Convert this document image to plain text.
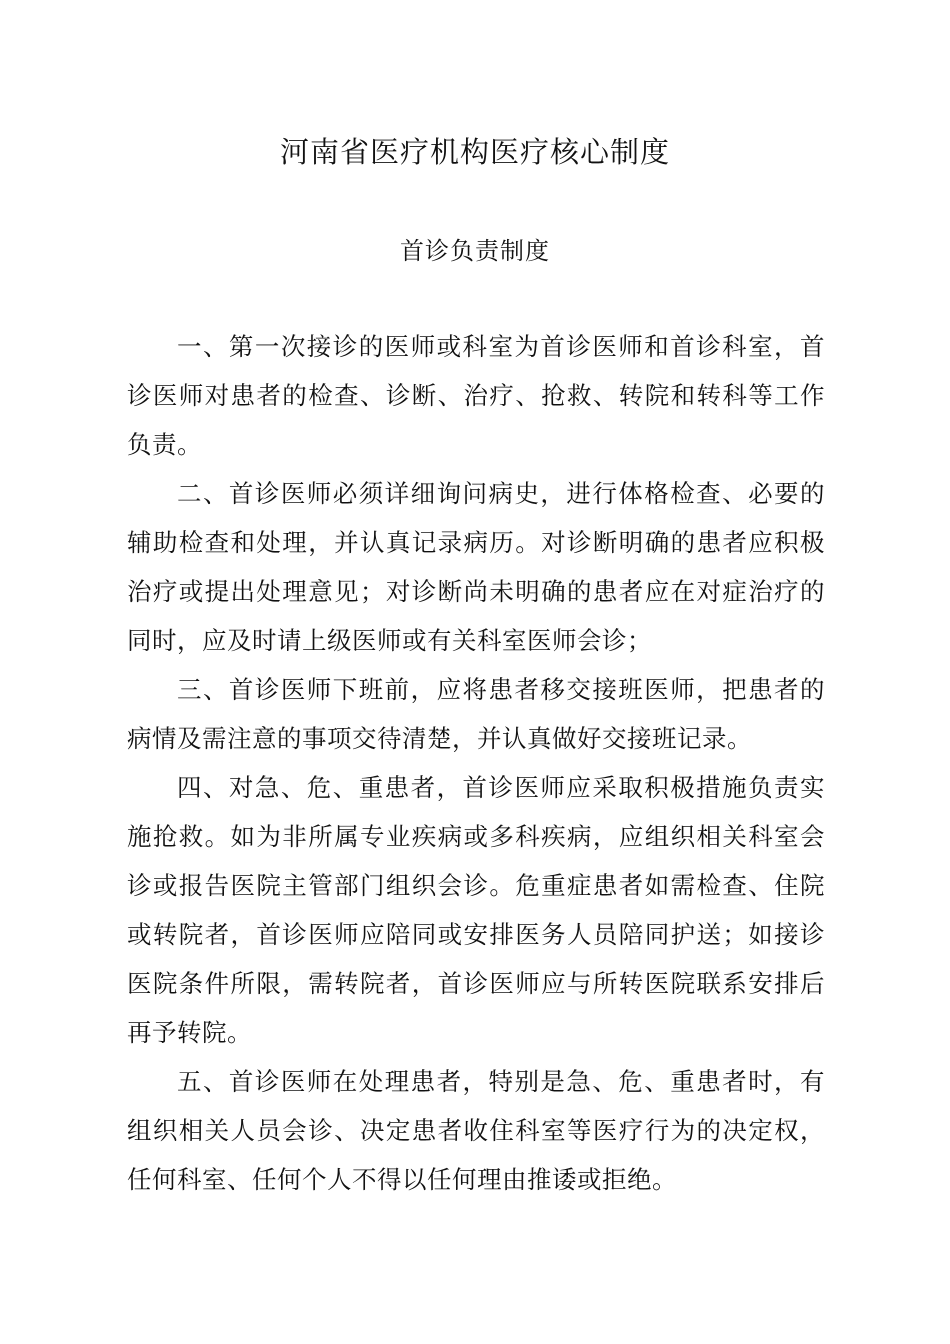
河南省医疗机构医疗核心制度
首诊负责制度

一、第一次接诊的医师或科室为首诊医师和首诊科室，首诊医师对患者的检查、诊断、治疗、抢救、转院和转科等工作负责。

二、首诊医师必须详细询问病史，进行体格检查、必要的辅助检查和处理，并认真记录病历。对诊断明确的患者应积极治疗或提出处理意见；对诊断尚未明确的患者应在对症治疗的同时，应及时请上级医师或有关科室医师会诊；

三、首诊医师下班前，应将患者移交接班医师，把患者的病情及需注意的事项交待清楚，并认真做好交接班记录。

四、对急、危、重患者，首诊医师应采取积极措施负责实施抢救。如为非所属专业疾病或多科疾病，应组织相关科室会诊或报告医院主管部门组织会诊。危重症患者如需检查、住院或转院者，首诊医师应陪同或安排医务人员陪同护送；如接诊医院条件所限，需转院者，首诊医师应与所转医院联系安排后再予转院。

五、首诊医师在处理患者，特别是急、危、重患者时，有组织相关人员会诊、决定患者收住科室等医疗行为的决定权，任何科室、任何个人不得以任何理由推诿或拒绝。
